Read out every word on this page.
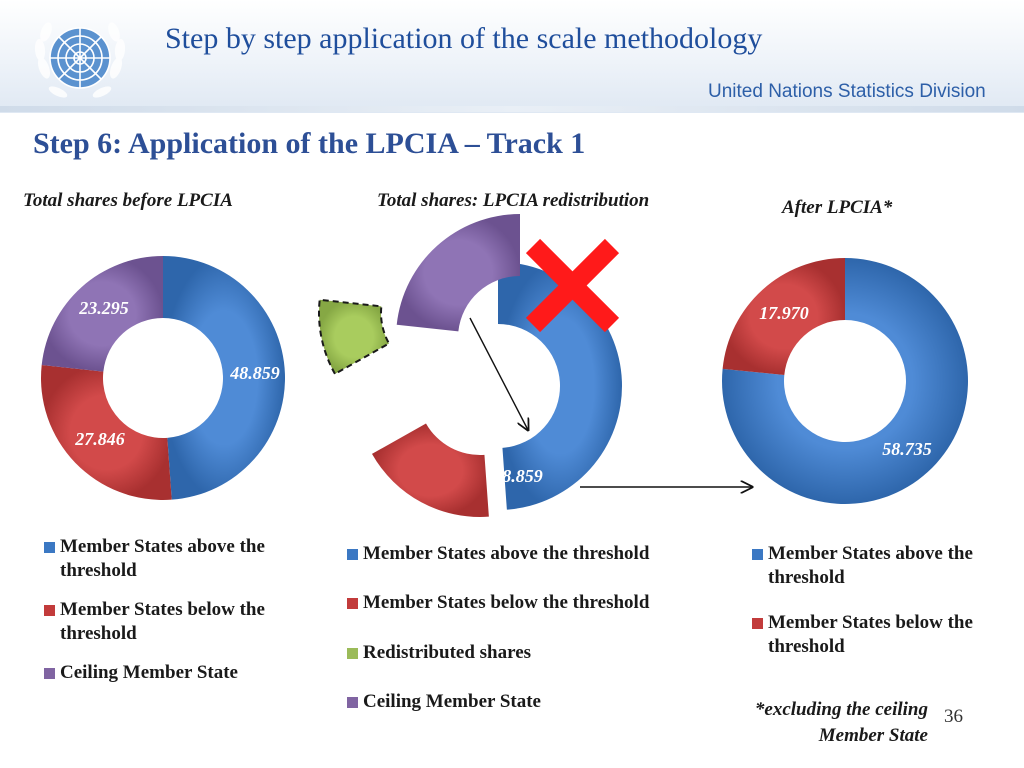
Step by step application of the scale methodology
United Nations Statistics Division
Step 6: Application of the LPCIA – Track 1
Total shares before LPCIA	Total shares: LPCIA redistribution	After LPCIA*
48.859
27.846
23.295
48.859
17.970
58.735
17.970
Member States above the threshold
Member States below the threshold
Ceiling Member State
Member States above the threshold
Member States below the threshold
Redistributed shares
Ceiling Member State
Member States above the threshold
Member States below the threshold
*excluding the ceiling Member State
36
